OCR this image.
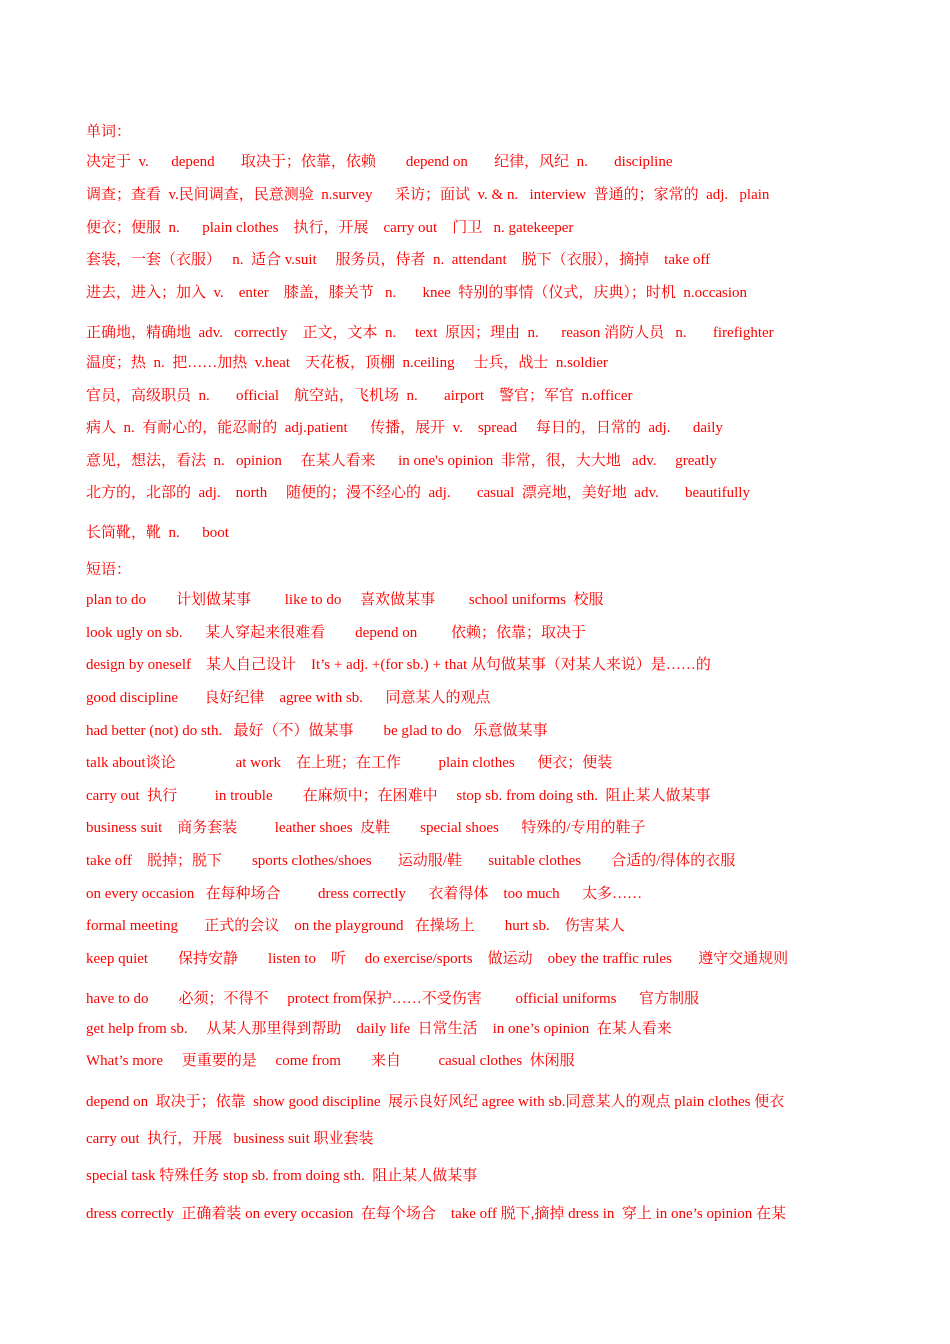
单词：
决定于  v.      depend       取决于；依靠，依赖        depend on       纪律，风纪  n.       discipline
调查；查看  v.民间调查，民意测验  n.survey      采访；面试  v. & n.   interview  普通的；家常的  adj.   plain
便衣；便服  n.      plain clothes    执行，开展    carry out    门卫   n. gatekeeper
套装，一套（衣服）   n.  适合 v.suit     服务员，侍者  n.  attendant    脱下（衣服），摘掉    take off
进去，进入；加入  v.    enter    膝盖，膝关节   n.       knee  特别的事情（仪式，庆典）；时机  n.occasion
正确地，精确地  adv.   correctly    正文，文本  n.     text  原因；理由  n.      reason 消防人员   n.       firefighter
温度；热  n.  把……加热  v.heat    天花板，顶棚  n.ceiling     士兵，战士  n.soldier
官员，高级职员  n.       official    航空站，飞机场  n.       airport    警官；军官  n.officer
病人  n.  有耐心的，能忍耐的  adj.patient      传播，展开  v.    spread     每日的，日常的  adj.      daily
意见，想法，看法  n.   opinion     在某人看来      in one's opinion  非常，很，大大地   adv.     greatly
北方的，北部的  adj.    north     随便的；漫不经心的  adj.       casual  漂亮地，美好地  adv.       beautifully
长筒靴，靴  n.      boot
短语：
plan to do        计划做某事         like to do     喜欢做某事         school uniforms  校服
look ugly on sb.      某人穿起来很难看        depend on         依赖；依靠；取决于
design by oneself    某人自己设计    It’s + adj. +(for sb.) + that 从句做某事（对某人来说）是……的
good discipline       良好纪律    agree with sb.      同意某人的观点
had better (not) do sth.   最好（不）做某事        be glad to do   乐意做某事
talk about谈论                at work    在上班；在工作          plain clothes      便衣；便装
carry out  执行          in trouble        在麻烦中；在困难中     stop sb. from doing sth.  阻止某人做某事
business suit    商务套装          leather shoes  皮鞋        special shoes      特殊的/专用的鞋子
take off    脱掉；脱下        sports clothes/shoes       运动服/鞋       suitable clothes        合适的/得体的衣服
on every occasion   在每种场合          dress correctly      衣着得体    too much      太多……
formal meeting       正式的会议    on the playground   在操场上        hurt sb.    伤害某人
keep quiet        保持安静        listen to    听     do exercise/sports    做运动    obey the traffic rules       遵守交通规则
have to do        必须；不得不     protect from保护……不受伤害         official uniforms      官方制服
get help from sb.     从某人那里得到帮助    daily life  日常生活    in one’s opinion  在某人看来
What’s more     更重要的是     come from        来自          casual clothes  休闲服
depend on  取决于；依靠  show good discipline  展示良好风纪 agree with sb.同意某人的观点 plain clothes 便衣
carry out  执行，开展   business suit 职业套装
special task 特殊任务 stop sb. from doing sth.  阻止某人做某事
dress correctly  正确着装 on every occasion  在每个场合    take off 脱下,摘掉 dress in  穿上 in one’s opinion 在某
